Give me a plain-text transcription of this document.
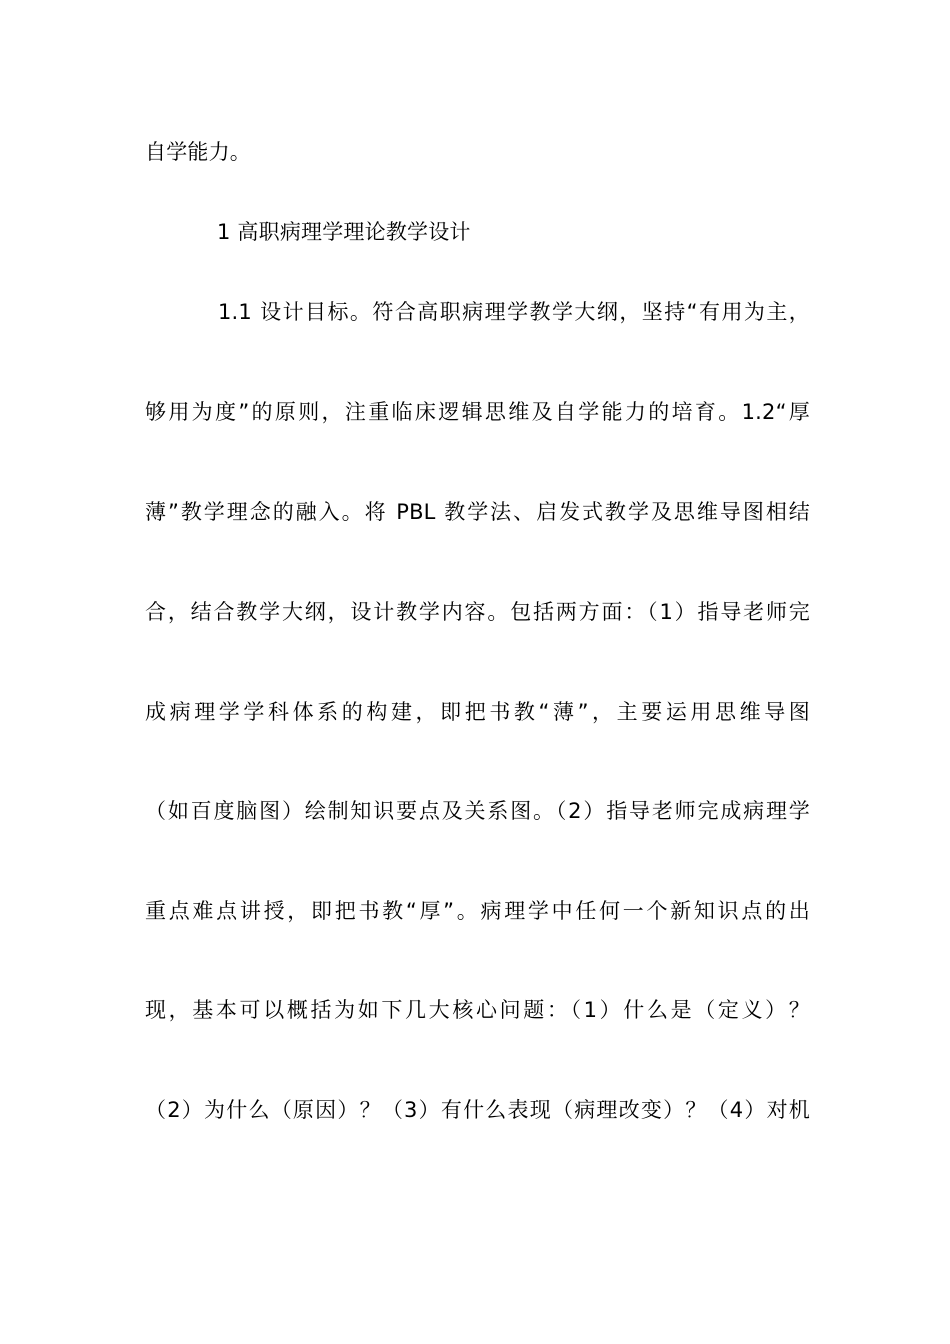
自学能力。
1 高职病理学理论教学设计
1.1 设计目标。符合高职病理学教学大纲，坚持“有用为主，
够用为度”的原则，注重临床逻辑思维及自学能力的培育。1.2“厚
薄”教学理念的融入。将 PBL 教学法、启发式教学及思维导图相结
合，结合教学大纲，设计教学内容。包括两方面：（1）指导老师完
成病理学学科体系的构建，即把书教“薄”，主要运用思维导图
（如百度脑图）绘制知识要点及关系图。（2）指导老师完成病理学
重点难点讲授，即把书教“厚”。病理学中任何一个新知识点的出
现，基本可以概括为如下几大核心问题：（1）什么是（定义）？
（2）为什么（原因）？（3）有什么表现（病理改变）？（4）对机
